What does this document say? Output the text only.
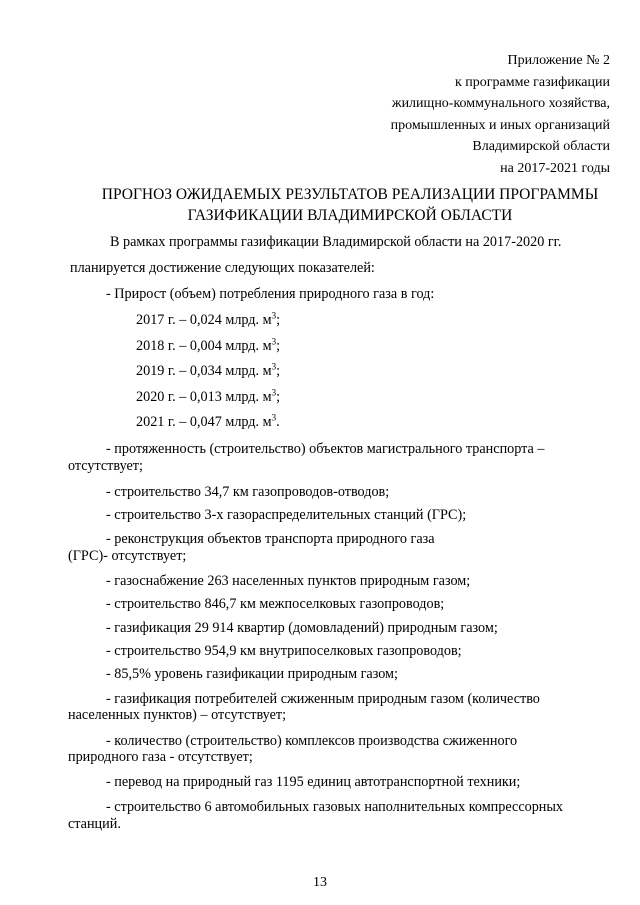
Приложение № 2
к программе газификации
жилищно-коммунального хозяйства,
промышленных и иных организаций
Владимирской области
на 2017-2021 годы
ПРОГНОЗ ОЖИДАЕМЫХ РЕЗУЛЬТАТОВ РЕАЛИЗАЦИИ ПРОГРАММЫ
ГАЗИФИКАЦИИ ВЛАДИМИРСКОЙ ОБЛАСТИ
В рамках программы газификации Владимирской области на 2017-2020 гг.
планируется достижение следующих показателей:
- Прирост (объем) потребления природного газа в год:
2017 г. – 0,024 млрд. $м^3$;
2018 г. – 0,004 млрд. $м^3$;
2019 г. – 0,034 млрд. $м^3$;
2020 г. – 0,013 млрд. $м^3$;
2021 г. – 0,047 млрд. $м^3$.
- протяженность (строительство) объектов магистрального транспорта –
отсутствует;
- строительство 34,7 км газопроводов-отводов;
- строительство 3-х газораспределительных станций (ГРС);
- реконструкция объектов транспорта природного газа
(ГРС)- отсутствует;
- газоснабжение 263 населенных пунктов природным газом;
- строительство 846,7 км межпоселковых газопроводов;
- газификация 29 914 квартир (домовладений) природным газом;
- строительство 954,9 км внутрипоселковых газопроводов;
- 85,5% уровень газификации природным газом;
- газификация потребителей сжиженным природным газом (количество
населенных пунктов) – отсутствует;
- количество (строительство) комплексов производства сжиженного
природного газа - отсутствует;
- перевод на природный газ 1195 единиц автотранспортной техники;
- строительство 6 автомобильных газовых наполнительных компрессорных
станций.
13
